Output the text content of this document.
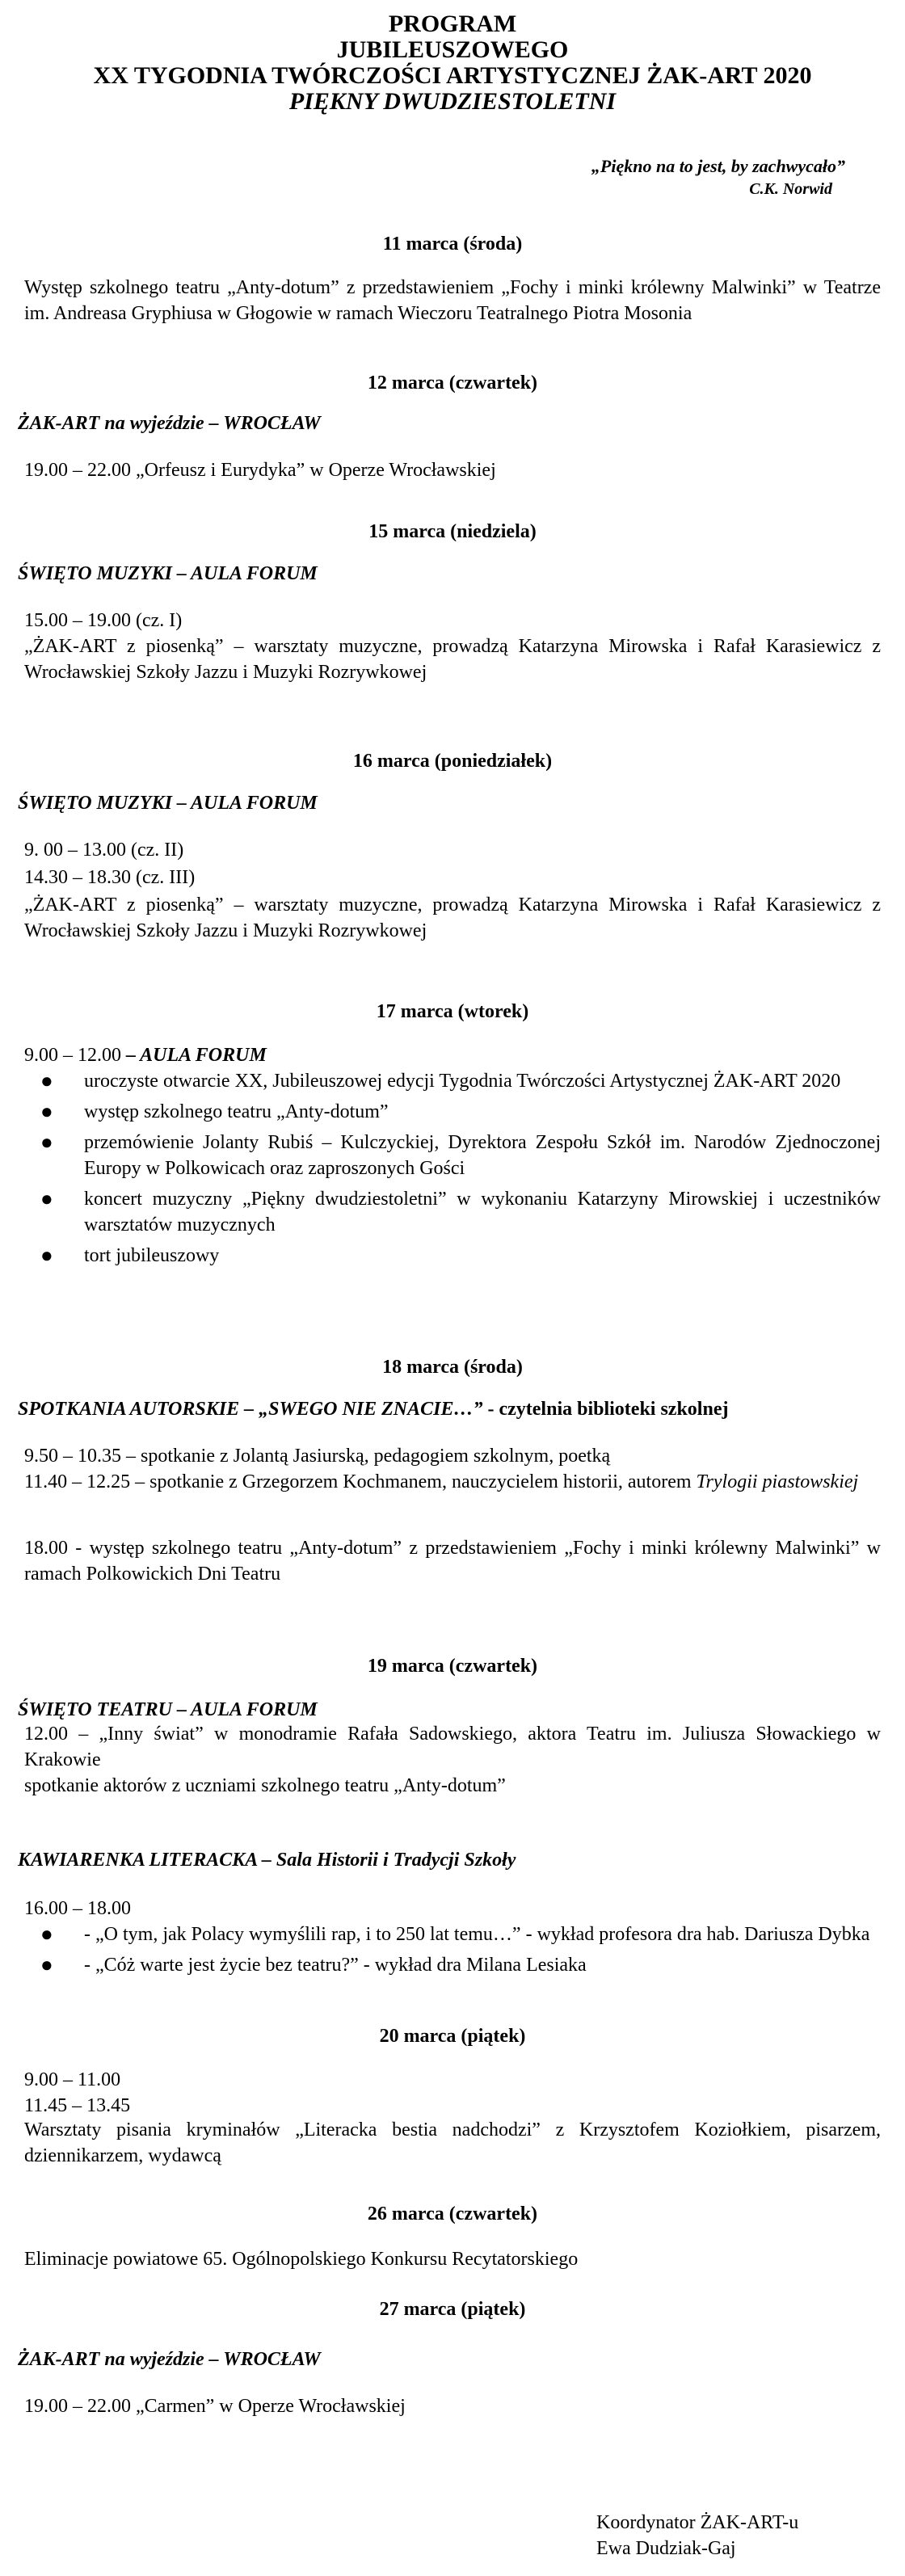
PROGRAM
JUBILEUSZOWEGO
XX TYGODNIA TWÓRCZOŚCI ARTYSTYCZNEJ ŻAK-ART 2020
PIĘKNY DWUDZIESTOLETNI
„Piękno na to jest, by zachwycało”
C.K. Norwid
11 marca (środa)
Występ szkolnego teatru „Anty-dotum” z przedstawieniem „Fochy i minki królewny Malwinki” w Teatrze im. Andreasa Gryphiusa w Głogowie w ramach Wieczoru Teatralnego Piotra Mosonia
12 marca (czwartek)
ŻAK-ART na wyjeździe – WROCŁAW
19.00 – 22.00 „Orfeusz i Eurydyka” w Operze Wrocławskiej
15 marca (niedziela)
ŚWIĘTO MUZYKI – AULA FORUM
15.00 – 19.00 (cz. I)
„ŻAK-ART z piosenką” – warsztaty muzyczne, prowadzą Katarzyna Mirowska i Rafał Karasiewicz z Wrocławskiej Szkoły Jazzu i Muzyki Rozrywkowej
16 marca (poniedziałek)
ŚWIĘTO MUZYKI – AULA FORUM
9. 00 – 13.00 (cz. II)
14.30 – 18.30 (cz. III)
„ŻAK-ART z piosenką” – warsztaty muzyczne, prowadzą Katarzyna Mirowska i Rafał Karasiewicz z Wrocławskiej Szkoły Jazzu i Muzyki Rozrywkowej
17 marca (wtorek)
9.00 – 12.00 – AULA FORUM
● uroczyste otwarcie XX, Jubileuszowej edycji Tygodnia Twórczości Artystycznej ŻAK-ART 2020
● występ szkolnego teatru „Anty-dotum”
● przemówienie Jolanty Rubiś – Kulczyckiej, Dyrektora Zespołu Szkół im. Narodów Zjednoczonej Europy w Polkowicach oraz zaproszonych Gości
● koncert muzyczny „Piękny dwudziestoletni” w wykonaniu Katarzyny Mirowskiej i uczestników warsztatów muzycznych
● tort jubileuszowy
18 marca (środa)
SPOTKANIA AUTORSKIE – „SWEGO NIE ZNACIE…” - czytelnia biblioteki szkolnej
9.50 – 10.35 – spotkanie z Jolantą Jasiurską, pedagogiem szkolnym, poetką
11.40 – 12.25 – spotkanie z Grzegorzem Kochmanem, nauczycielem historii, autorem Trylogii piastowskiej
18.00 - występ szkolnego teatru „Anty-dotum” z przedstawieniem „Fochy i minki królewny Malwinki” w ramach Polkowickich Dni Teatru
19 marca (czwartek)
ŚWIĘTO TEATRU – AULA FORUM
12.00 – „Inny świat” w monodramie Rafała Sadowskiego, aktora Teatru im. Juliusza Słowackiego w Krakowie
spotkanie aktorów z uczniami szkolnego teatru „Anty-dotum”
KAWIARENKA LITERACKA – Sala Historii i Tradycji Szkoły
16.00 – 18.00
● - „O tym, jak Polacy wymyślili rap, i to 250 lat temu…” - wykład profesora dra hab. Dariusza Dybka
● - „Cóż warte jest życie bez teatru?” - wykład dra Milana Lesiaka
20 marca (piątek)
9.00 – 11.00
11.45 – 13.45
Warsztaty pisania kryminałów „Literacka bestia nadchodzi” z Krzysztofem Koziołkiem, pisarzem, dziennikarzem, wydawcą
26 marca (czwartek)
Eliminacje powiatowe 65. Ogólnopolskiego Konkursu Recytatorskiego
27 marca (piątek)
ŻAK-ART na wyjeździe – WROCŁAW
19.00 – 22.00 „Carmen” w Operze Wrocławskiej
Koordynator ŻAK-ART-u
Ewa Dudziak-Gaj
